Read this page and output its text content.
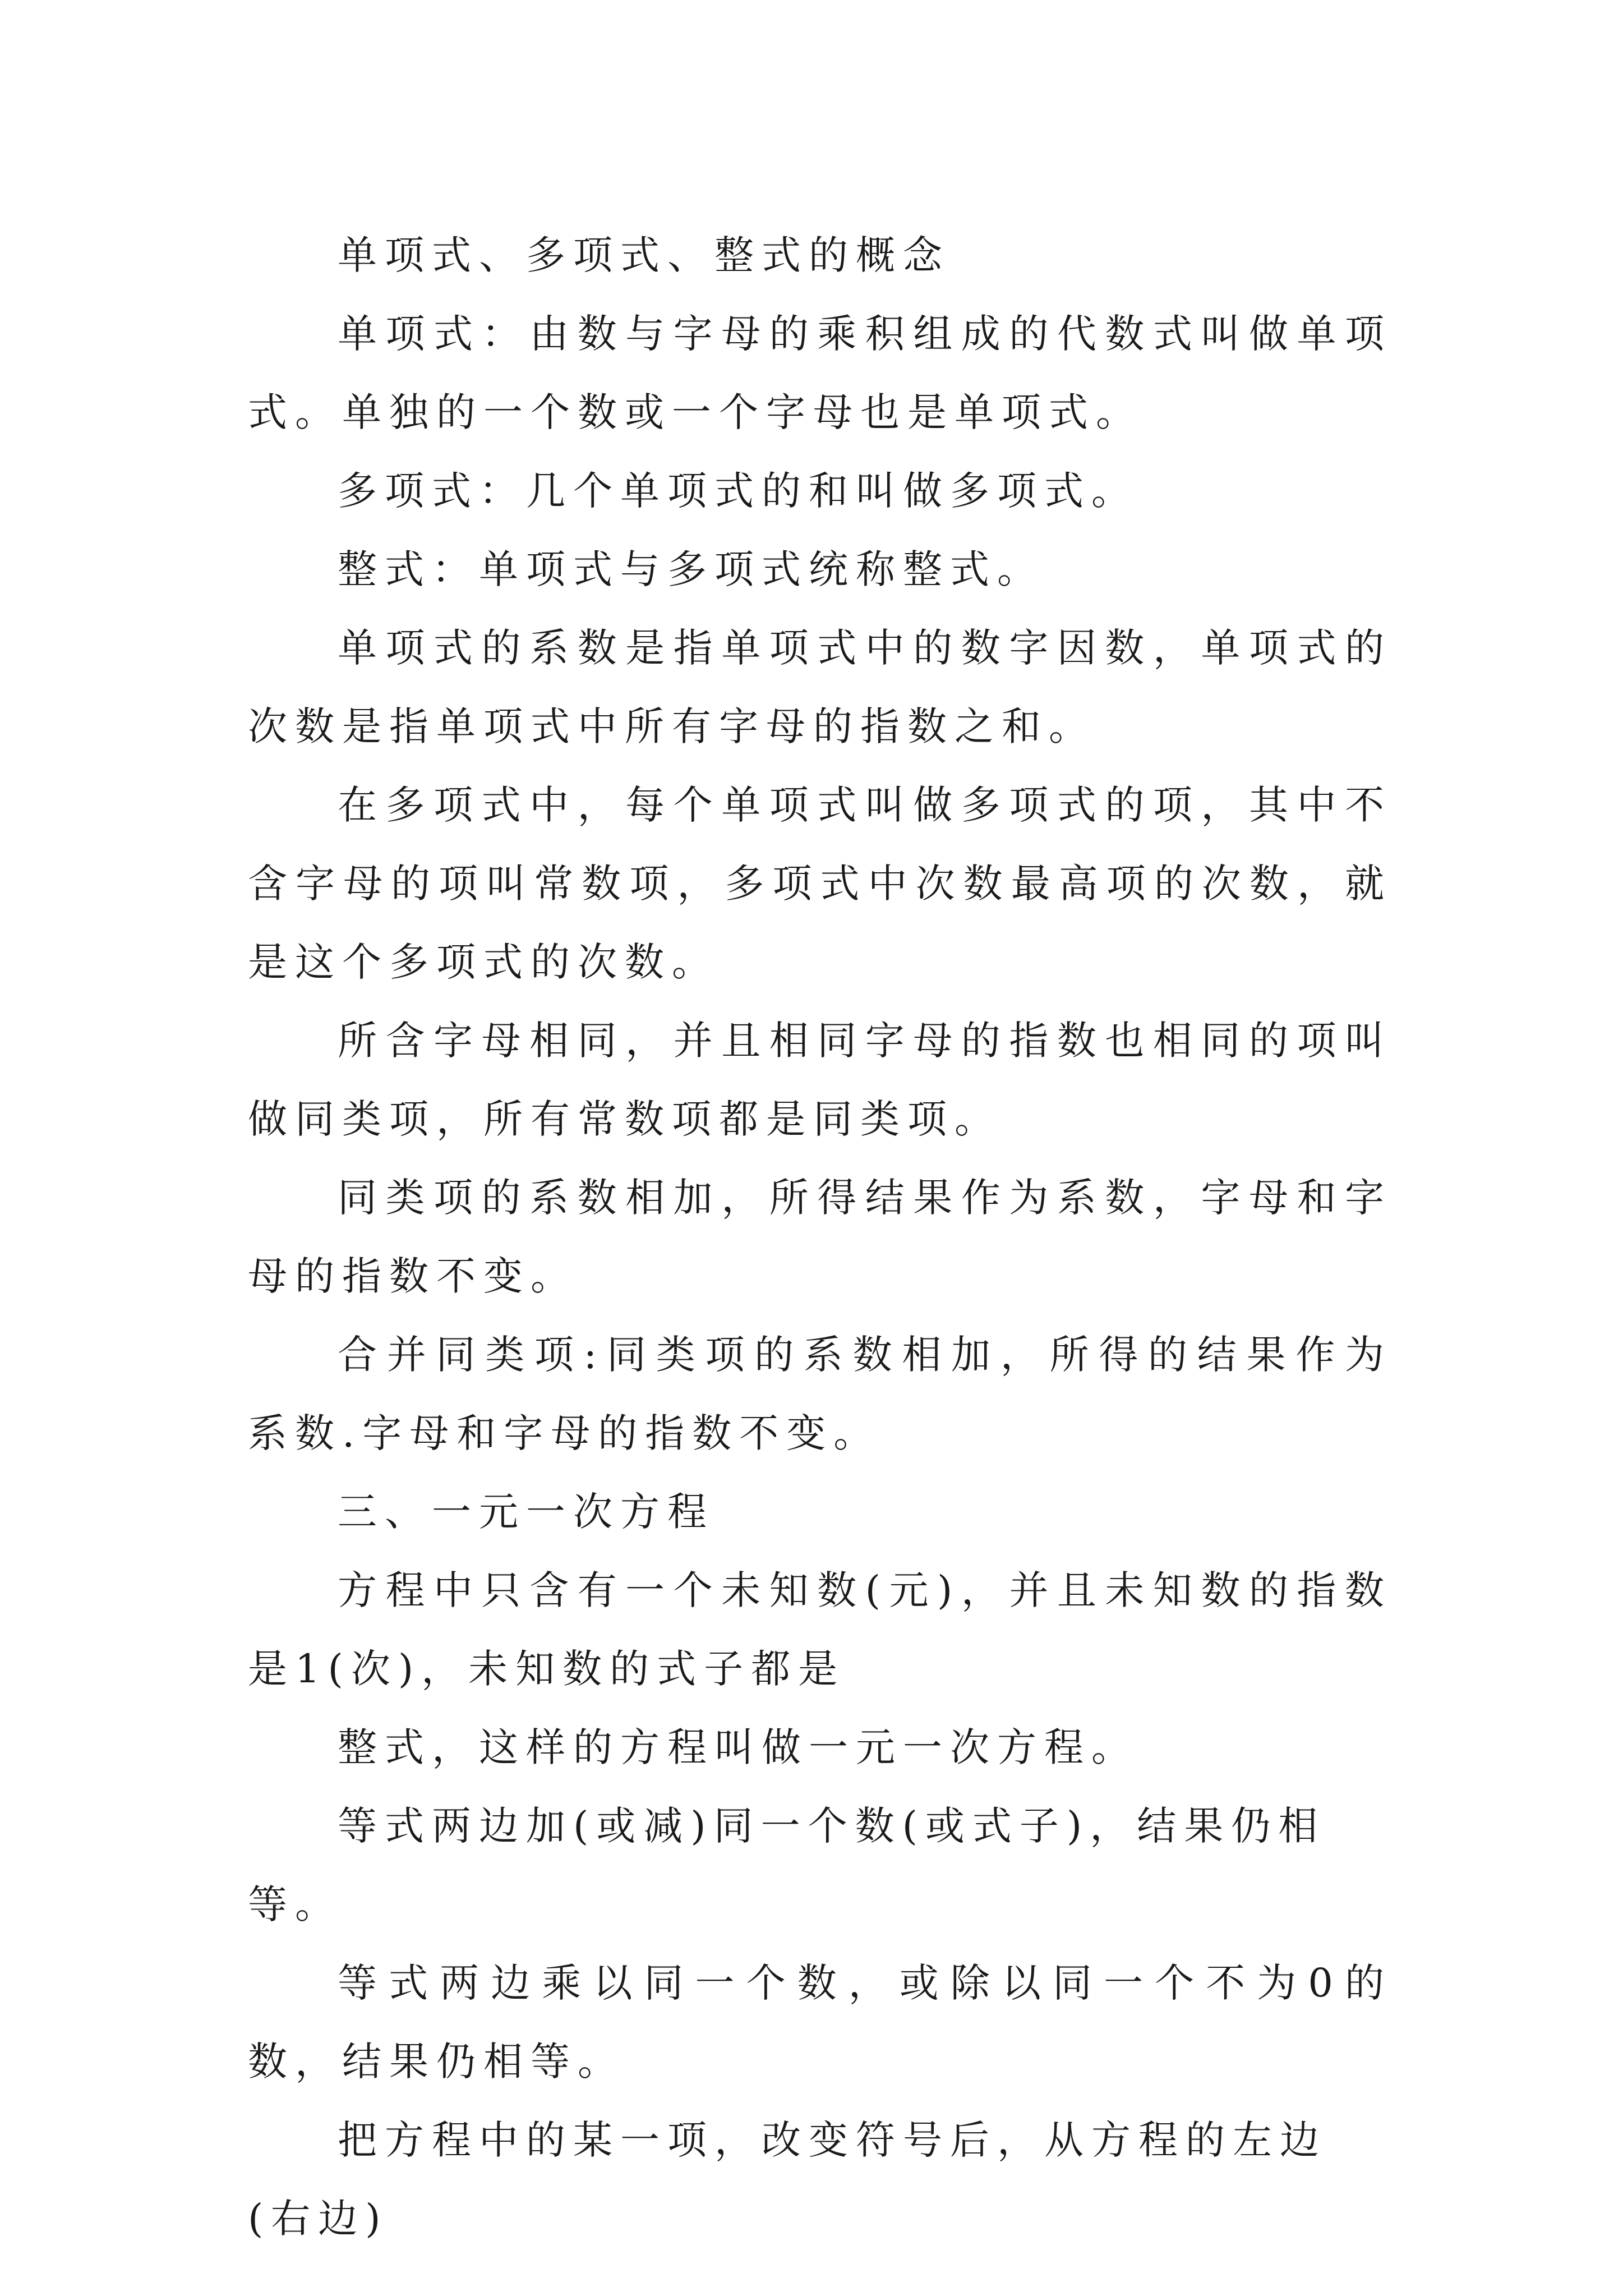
单项式、多项式、整式的概念

单项式：由数与字母的乘积组成的代数式叫做单项式。单独的一个数或一个字母也是单项式。

多项式：几个单项式的和叫做多项式。

整式：单项式与多项式统称整式。

单项式的系数是指单项式中的数字因数，单项式的次数是指单项式中所有字母的指数之和。

在多项式中，每个单项式叫做多项式的项，其中不含字母的项叫常数项，多项式中次数最高项的次数，就是这个多项式的次数。

所含字母相同，并且相同字母的指数也相同的项叫做同类项，所有常数项都是同类项。

同类项的系数相加，所得结果作为系数，字母和字母的指数不变。

合并同类项:同类项的系数相加，所得的结果作为系数.字母和字母的指数不变。

三、一元一次方程

方程中只含有一个未知数(元)，并且未知数的指数是1(次)，未知数的式子都是

整式，这样的方程叫做一元一次方程。

等式两边加(或减)同一个数(或式子)，结果仍相等。

等式两边乘以同一个数，或除以同一个不为0的数，结果仍相等。

把方程中的某一项，改变符号后，从方程的左边(右边)
